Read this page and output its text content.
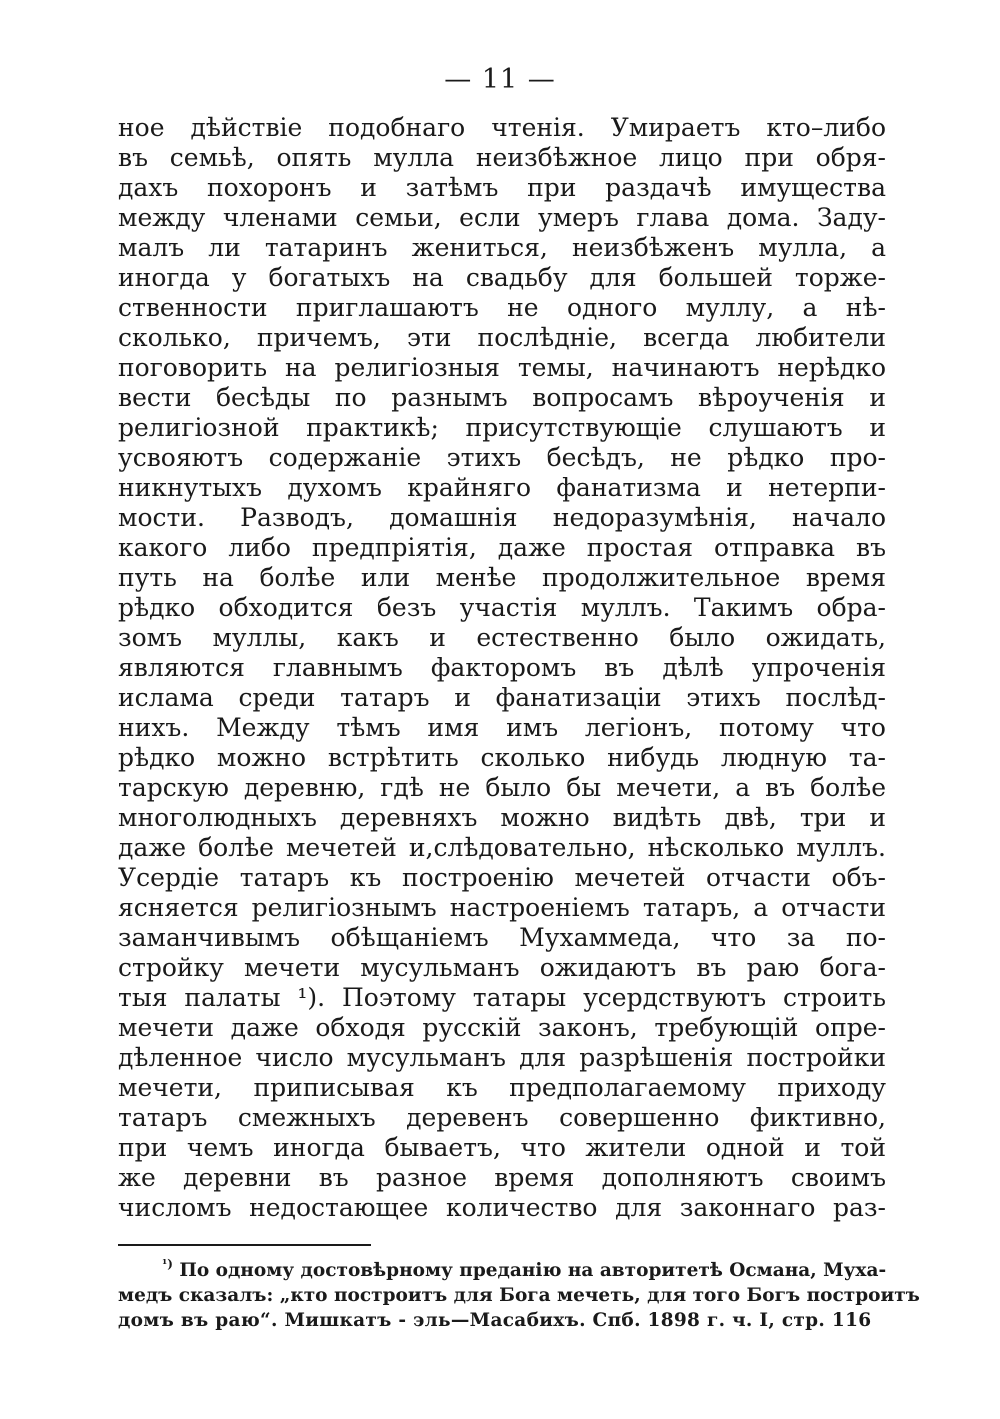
— 11 —
ное дѣйствіе подобнаго чтенія. Умираетъ кто–либо
въ семьѣ, опять мулла неизбѣжное лицо при обря-
дахъ похоронъ и затѣмъ при раздачѣ имущества
между членами семьи, если умеръ глава дома. Заду-
малъ ли татаринъ жениться, неизбѣженъ мулла, а
иногда у богатыхъ на свадьбу для большей торже-
ственности приглашаютъ не одного муллу, а нѣ-
сколько, причемъ, эти послѣдніе, всегда любители
поговорить на религіозныя темы, начинаютъ нерѣдко
вести бесѣды по разнымъ вопросамъ вѣроученія и
религіозной практикѣ; присутствующіе слушаютъ и
усвояютъ содержаніе этихъ бесѣдъ, не рѣдко про-
никнутыхъ духомъ крайняго фанатизма и нетерпи-
мости. Разводъ, домашнія недоразумѣнія, начало
какого либо предпріятія, даже простая отправка въ
путь на болѣе или менѣе продолжительное время
рѣдко обходится безъ участія муллъ. Такимъ обра-
зомъ муллы, какъ и естественно было ожидать,
являются главнымъ факторомъ въ дѣлѣ упроченія
ислама среди татаръ и фанатизаціи этихъ послѣд-
нихъ. Между тѣмъ имя имъ легіонъ, потому что
рѣдко можно встрѣтить сколько нибудь людную та-
тарскую деревню, гдѣ не было бы мечети, а въ болѣе
многолюдныхъ деревняхъ можно видѣть двѣ, три и
даже болѣе мечетей и,слѣдовательно, нѣсколько муллъ.
Усердіе татаръ къ построенію мечетей отчасти объ-
ясняется религіознымъ настроеніемъ татаръ, а отчасти
заманчивымъ обѣщаніемъ Мухаммеда, что за по-
стройку мечети мусульманъ ожидаютъ въ раю бога-
тыя палаты ¹). Поэтому татары усердствуютъ строить
мечети даже обходя русскій законъ, требующій опре-
дѣленное число мусульманъ для разрѣшенія постройки
мечети, приписывая къ предполагаемому приходу
татаръ смежныхъ деревенъ совершенно фиктивно,
при чемъ иногда бываетъ, что жители одной и той
же деревни въ разное время дополняютъ своимъ
числомъ недостающее количество для законнаго раз-
$^{^1)}$ По одному достовѣрному преданію на авторитетѣ Османа, Муха-
медъ сказалъ: „кто построитъ для Бога мечеть, для того Богъ построитъ
домъ въ раю“. Мишкатъ - эль—Масабихъ. Спб. 1898 г. ч. I, стр. 116
